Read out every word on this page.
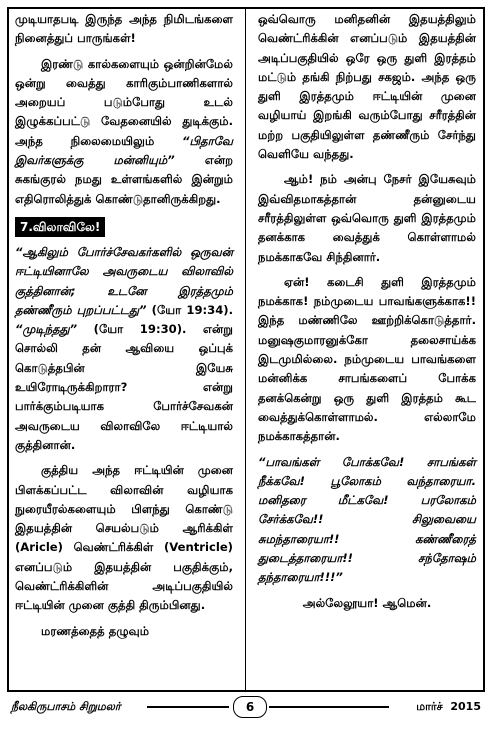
முடியாதபடி இருந்த அந்த நிமிடங்களை நினைத்துப் பாருங்கள்!

இரண்டு கால்களையும் ஒன்றின்மேல் ஒன்று வைத்து காரிகும்பாணிகளால் அறையப் படும்போது உடல் இழுக்கப்பட்டு வேதனையில் துடிக்கும். அந்த நிலைமையிலும் “பிதாவே இவர்களுக்கு மன்னியும்” என்ற சுகங்குரல் நமது உள்ளங்களில் இன்றும் எதிரொலித்துக் கொண்டுதானிருக்கிறது.

7.விலாவிலே!

“ஆகிலும் போர்ச்சேவகர்களில் ஒருவன் ஈட்டியினாலே அவருடைய விலாவில் குத்தினான்; உடனே இரத்தமும் தண்ணீரும் புறப்பட்டது” (யோ 19:34). “முடிந்தது” (யோ 19:30). என்று சொல்லி தன் ஆவியை ஒப்புக் கொடுத்தபின் இயேசு உயிரோடிருக்கிறாரா? என்று பார்க்கும்படியாக போர்ச்சேவகன் அவருடைய விலாவிலே ஈட்டியால் குத்தினான்.

குத்திய அந்த ஈட்டியின் முனை பிளக்கப்பட்ட விலாவின் வழியாக நுரையீரல்களையும் பிளந்து கொண்டு இதயத்தின் செயல்படும் ஆரிக்கிள் (Aricle) வெண்ட்ரிக்கிள் (Ventricle) எனப்படும் இதயத்தின் பகுதிக்கும், வெண்ட்ரிக்கிளின் அடிப்பகுதியில் ஈட்டியின் முனை குத்தி திரும்பினது.

மரணத்தைத் தழுவும்

ஒவ்வொரு மனிதனின் இதயத்திலும் வெண்ட்ரிக்கின் எனப்படும் இதயத்தின் அடிப்பகுதியில் ஒரே ஒரு துளி இரத்தம் மட்டும் தங்கி நிற்பது சகஜம். அந்த ஒரு துளி இரத்தமும் ஈட்டியின் முனை வழியாய் இறங்கி வரும்போது சரீரத்தின் மற்ற பகுதியிலுள்ள தண்ணீரும் சேர்ந்து வெளியே வந்தது.

ஆம்! நம் அன்பு நேசர் இயேசுவும் இவ்விதமாகத்தான் தன்னுடைய சரீரத்திலுள்ள ஒவ்வொரு துளி இரத்தமும் தனக்காக வைத்துக் கொள்ளாமல் நமக்காகவே சிந்தினார்.

ஏன்! கடைசி துளி இரத்தமும் நமக்காக! நம்முடைய பாவங்களுக்காக!! இந்த மண்ணிலே ஊற்றிக்கொடுத்தார். மனுஷகுமாரனுக்கோ தலைசாய்க்க இடமுமில்லை. நம்முடைய பாவங்களை மன்னிக்க சாபங்களைப் போக்க தனக்கென்று ஒரு துளி இரத்தம் கூட வைத்துக்கொள்ளாமல். எல்லாமே நமக்காகத்தான்.

“பாவங்கள் போக்கவே! சாபங்கள் நீக்கவே! பூலோகம் வந்தாரையா. மனிதரை மீட்கவே! பரலோகம் சேர்க்கவே!! சிலுவையை சுமந்தாரையா!! கண்ணீரைத் துடைத்தாரையா!! சந்தோஷம் தந்தாரையா!!!”

அல்லேலூயா! ஆமென்.

நீலகிருபாசம் சிறுமலர்	6	மார்ச் 2015
